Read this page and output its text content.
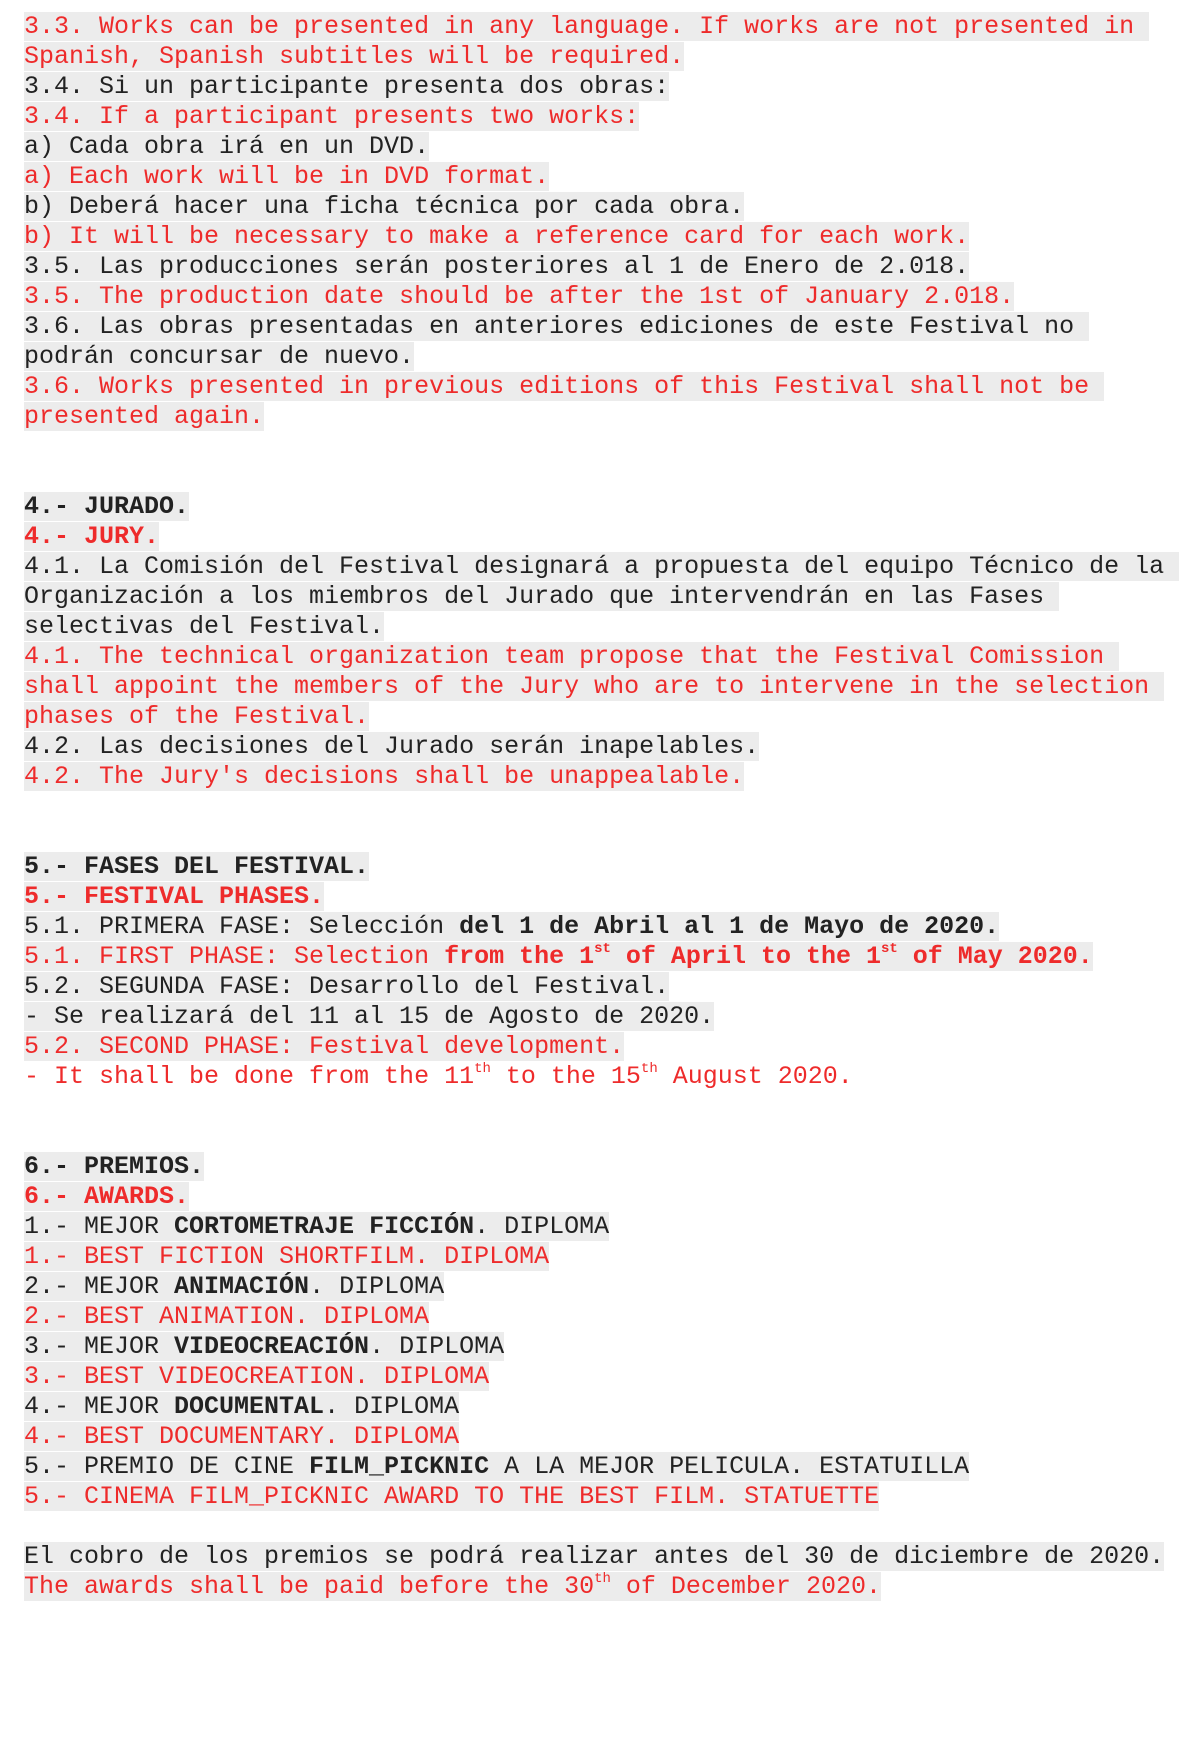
3.3. Works can be presented in any language. If works are not presented in Spanish, Spanish subtitles will be required.
3.4. Si un participante presenta dos obras:
3.4. If a participant presents two works:
a) Cada obra irá en un DVD.
a) Each work will be in DVD format.
b) Deberá hacer una ficha técnica por cada obra.
b) It will be necessary to make a reference card for each work.
3.5. Las producciones serán posteriores al 1 de Enero de 2.018.
3.5. The production date should be after the 1st of January 2.018.
3.6. Las obras presentadas en anteriores ediciones de este Festival no podrán concursar de nuevo.
3.6. Works presented in previous editions of this Festival shall not be presented again.
4.- JURADO.
4.- JURY.
4.1. La Comisión del Festival designará a propuesta del equipo Técnico de la Organización a los miembros del Jurado que intervendrán en las Fases selectivas del Festival.
4.1. The technical organization team propose that the Festival Comission shall appoint the members of the Jury who are to intervene in the selection phases of the Festival.
4.2. Las decisiones del Jurado serán inapelables.
4.2. The Jury's decisions shall be unappealable.
5.- FASES DEL FESTIVAL.
5.- FESTIVAL PHASES.
5.1. PRIMERA FASE: Selección del 1 de Abril al 1 de Mayo de 2020.
5.1. FIRST PHASE: Selection from the 1st of April to the 1st of May 2020.
5.2. SEGUNDA FASE: Desarrollo del Festival.
- Se realizará del 11 al 15 de Agosto de 2020.
5.2. SECOND PHASE: Festival development.
- It shall be done from the 11th to the 15th August 2020.
6.- PREMIOS.
6.- AWARDS.
1.- MEJOR CORTOMETRAJE FICCIÓN. DIPLOMA
1.- BEST FICTION SHORTFILM. DIPLOMA
2.- MEJOR ANIMACIÓN. DIPLOMA
2.- BEST ANIMATION. DIPLOMA
3.- MEJOR VIDEOCREACIÓN. DIPLOMA
3.- BEST VIDEOCREATION. DIPLOMA
4.- MEJOR DOCUMENTAL. DIPLOMA
4.- BEST DOCUMENTARY. DIPLOMA
5.- PREMIO DE CINE FILM_PICKNIC A LA MEJOR PELICULA. ESTATUILLA
5.- CINEMA FILM_PICKNIC AWARD TO THE BEST FILM. STATUETTE
El cobro de los premios se podrá realizar antes del 30 de diciembre de 2020.
The awards shall be paid before the 30th of December 2020.
